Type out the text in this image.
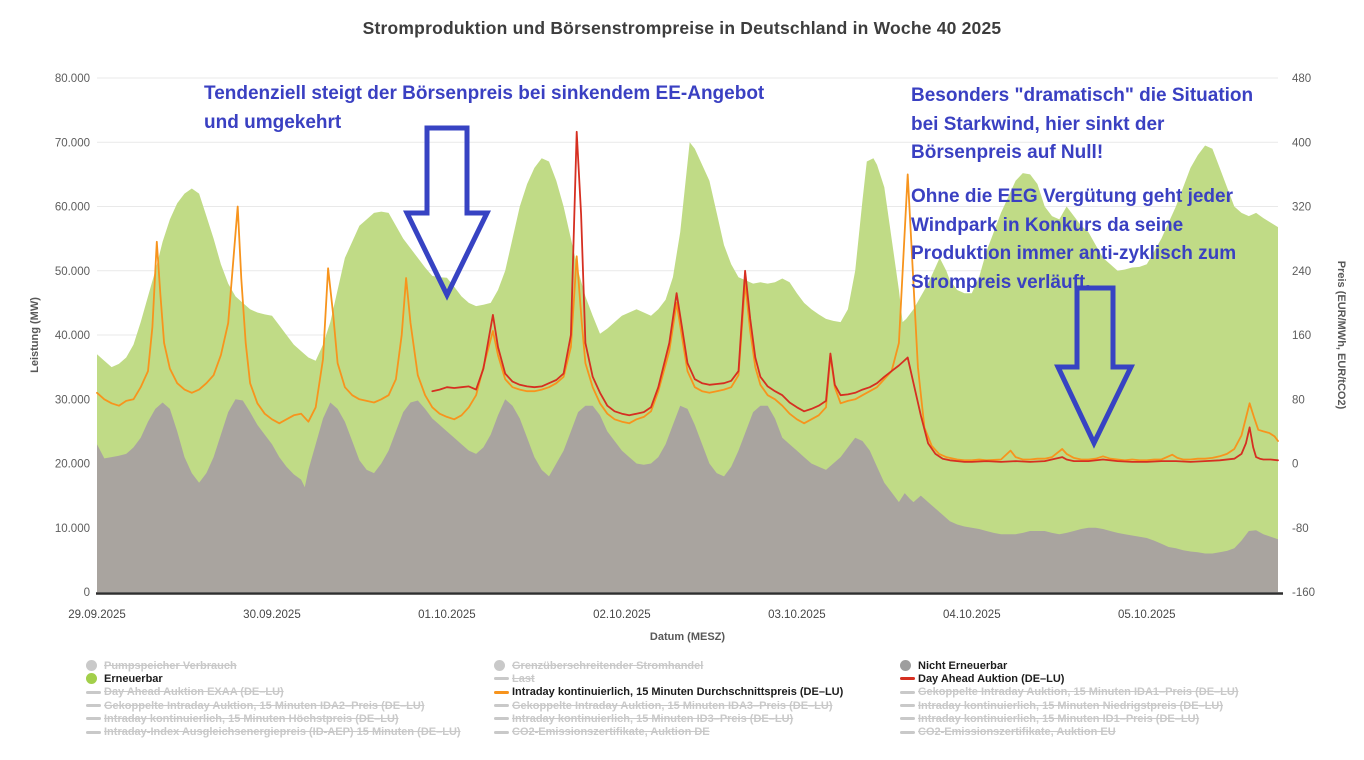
Stromproduktion und Börsenstrompreise in Deutschland in Woche 40 2025
0
10.000
20.000
30.000
40.000
50.000
60.000
70.000
80.000
-160
-80
0
80
160
240
320
400
480
29.09.2025	30.09.2025	01.10.2025	02.10.2025	03.10.2025	04.10.2025	05.10.2025
Leistung (MW)	Preis (EUR/MWh, EUR/tCO2)
Datum (MESZ)
Tendenziell steigt der Börsenpreis bei sinkendem EE-Angebot
und umgekehrt
Besonders "dramatisch" die Situation
bei Starkwind, hier sinkt der
Börsenpreis auf Null!
Ohne die EEG Vergütung geht jeder
Windpark in Konkurs da seine
Produktion immer anti-zyklisch zum
Strompreis verläuft.
Pumpspeicher Verbrauch
Erneuerbar
Day Ahead Auktion EXAA (DE–LU)
Gekoppelte Intraday Auktion, 15 Minuten IDA2–Preis (DE–LU)
Intraday kontinuierlich, 15 Minuten Höchstpreis (DE–LU)
Intraday-Index Ausgleichsenergiepreis (ID-AEP) 15 Minuten (DE–LU)
Grenzüberschreitender Stromhandel
Last
Intraday kontinuierlich, 15 Minuten Durchschnittspreis (DE–LU)
Gekoppelte Intraday Auktion, 15 Minuten IDA3–Preis (DE–LU)
Intraday kontinuierlich, 15 Minuten ID3–Preis (DE–LU)
CO2-Emissionszertifikate, Auktion DE
Nicht Erneuerbar
Day Ahead Auktion (DE–LU)
Gekoppelte Intraday Auktion, 15 Minuten IDA1–Preis (DE–LU)
Intraday kontinuierlich, 15 Minuten Niedrigstpreis (DE–LU)
Intraday kontinuierlich, 15 Minuten ID1–Preis (DE–LU)
CO2-Emissionszertifikate, Auktion EU
